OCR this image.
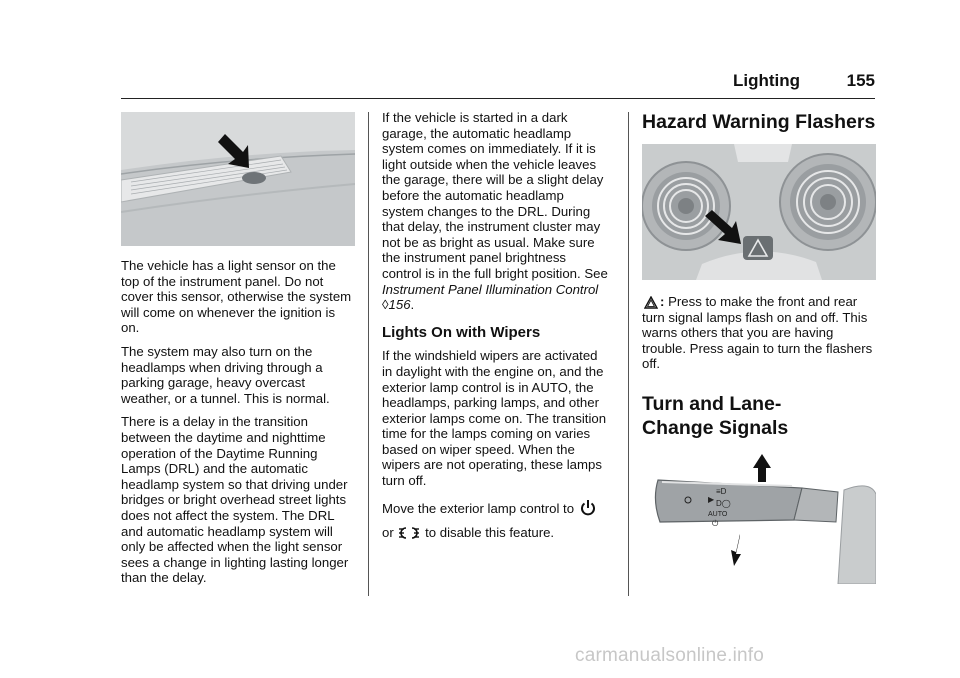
Lighting	155

The vehicle has a light sensor on the top of the instrument panel. Do not cover this sensor, otherwise the system will come on whenever the ignition is on.

The system may also turn on the headlamps when driving through a parking garage, heavy overcast weather, or a tunnel. This is normal.

There is a delay in the transition between the daytime and nighttime operation of the Daytime Running Lamps (DRL) and the automatic headlamp system so that driving under bridges or bright overhead street lights does not affect the system. The DRL and automatic headlamp system will only be affected when the light sensor sees a change in lighting lasting longer than the delay.

If the vehicle is started in a dark garage, the automatic headlamp system comes on immediately. If it is light outside when the vehicle leaves the garage, there will be a slight delay before the automatic headlamp system changes to the DRL. During that delay, the instrument cluster may not be as bright as usual. Make sure the instrument panel brightness control is in the full bright position. See Instrument Panel Illumination Control ◊156.

Lights On with Wipers

If the windshield wipers are activated in daylight with the engine on, and the exterior lamp control is in AUTO, the headlamps, parking lamps, and other exterior lamps come on. The transition time for the lamps coming on varies based on wiper speed. When the wipers are not operating, these lamps turn off.

Move the exterior lamp control to
or to disable this feature.

Hazard Warning Flashers

: Press to make the front and rear turn signal lamps flash on and off. This warns others that you are having trouble. Press again to turn the flashers off.

Turn and Lane-Change Signals
▶
≡D
D◯
AUTO
⏻
carmanualsonline.info
